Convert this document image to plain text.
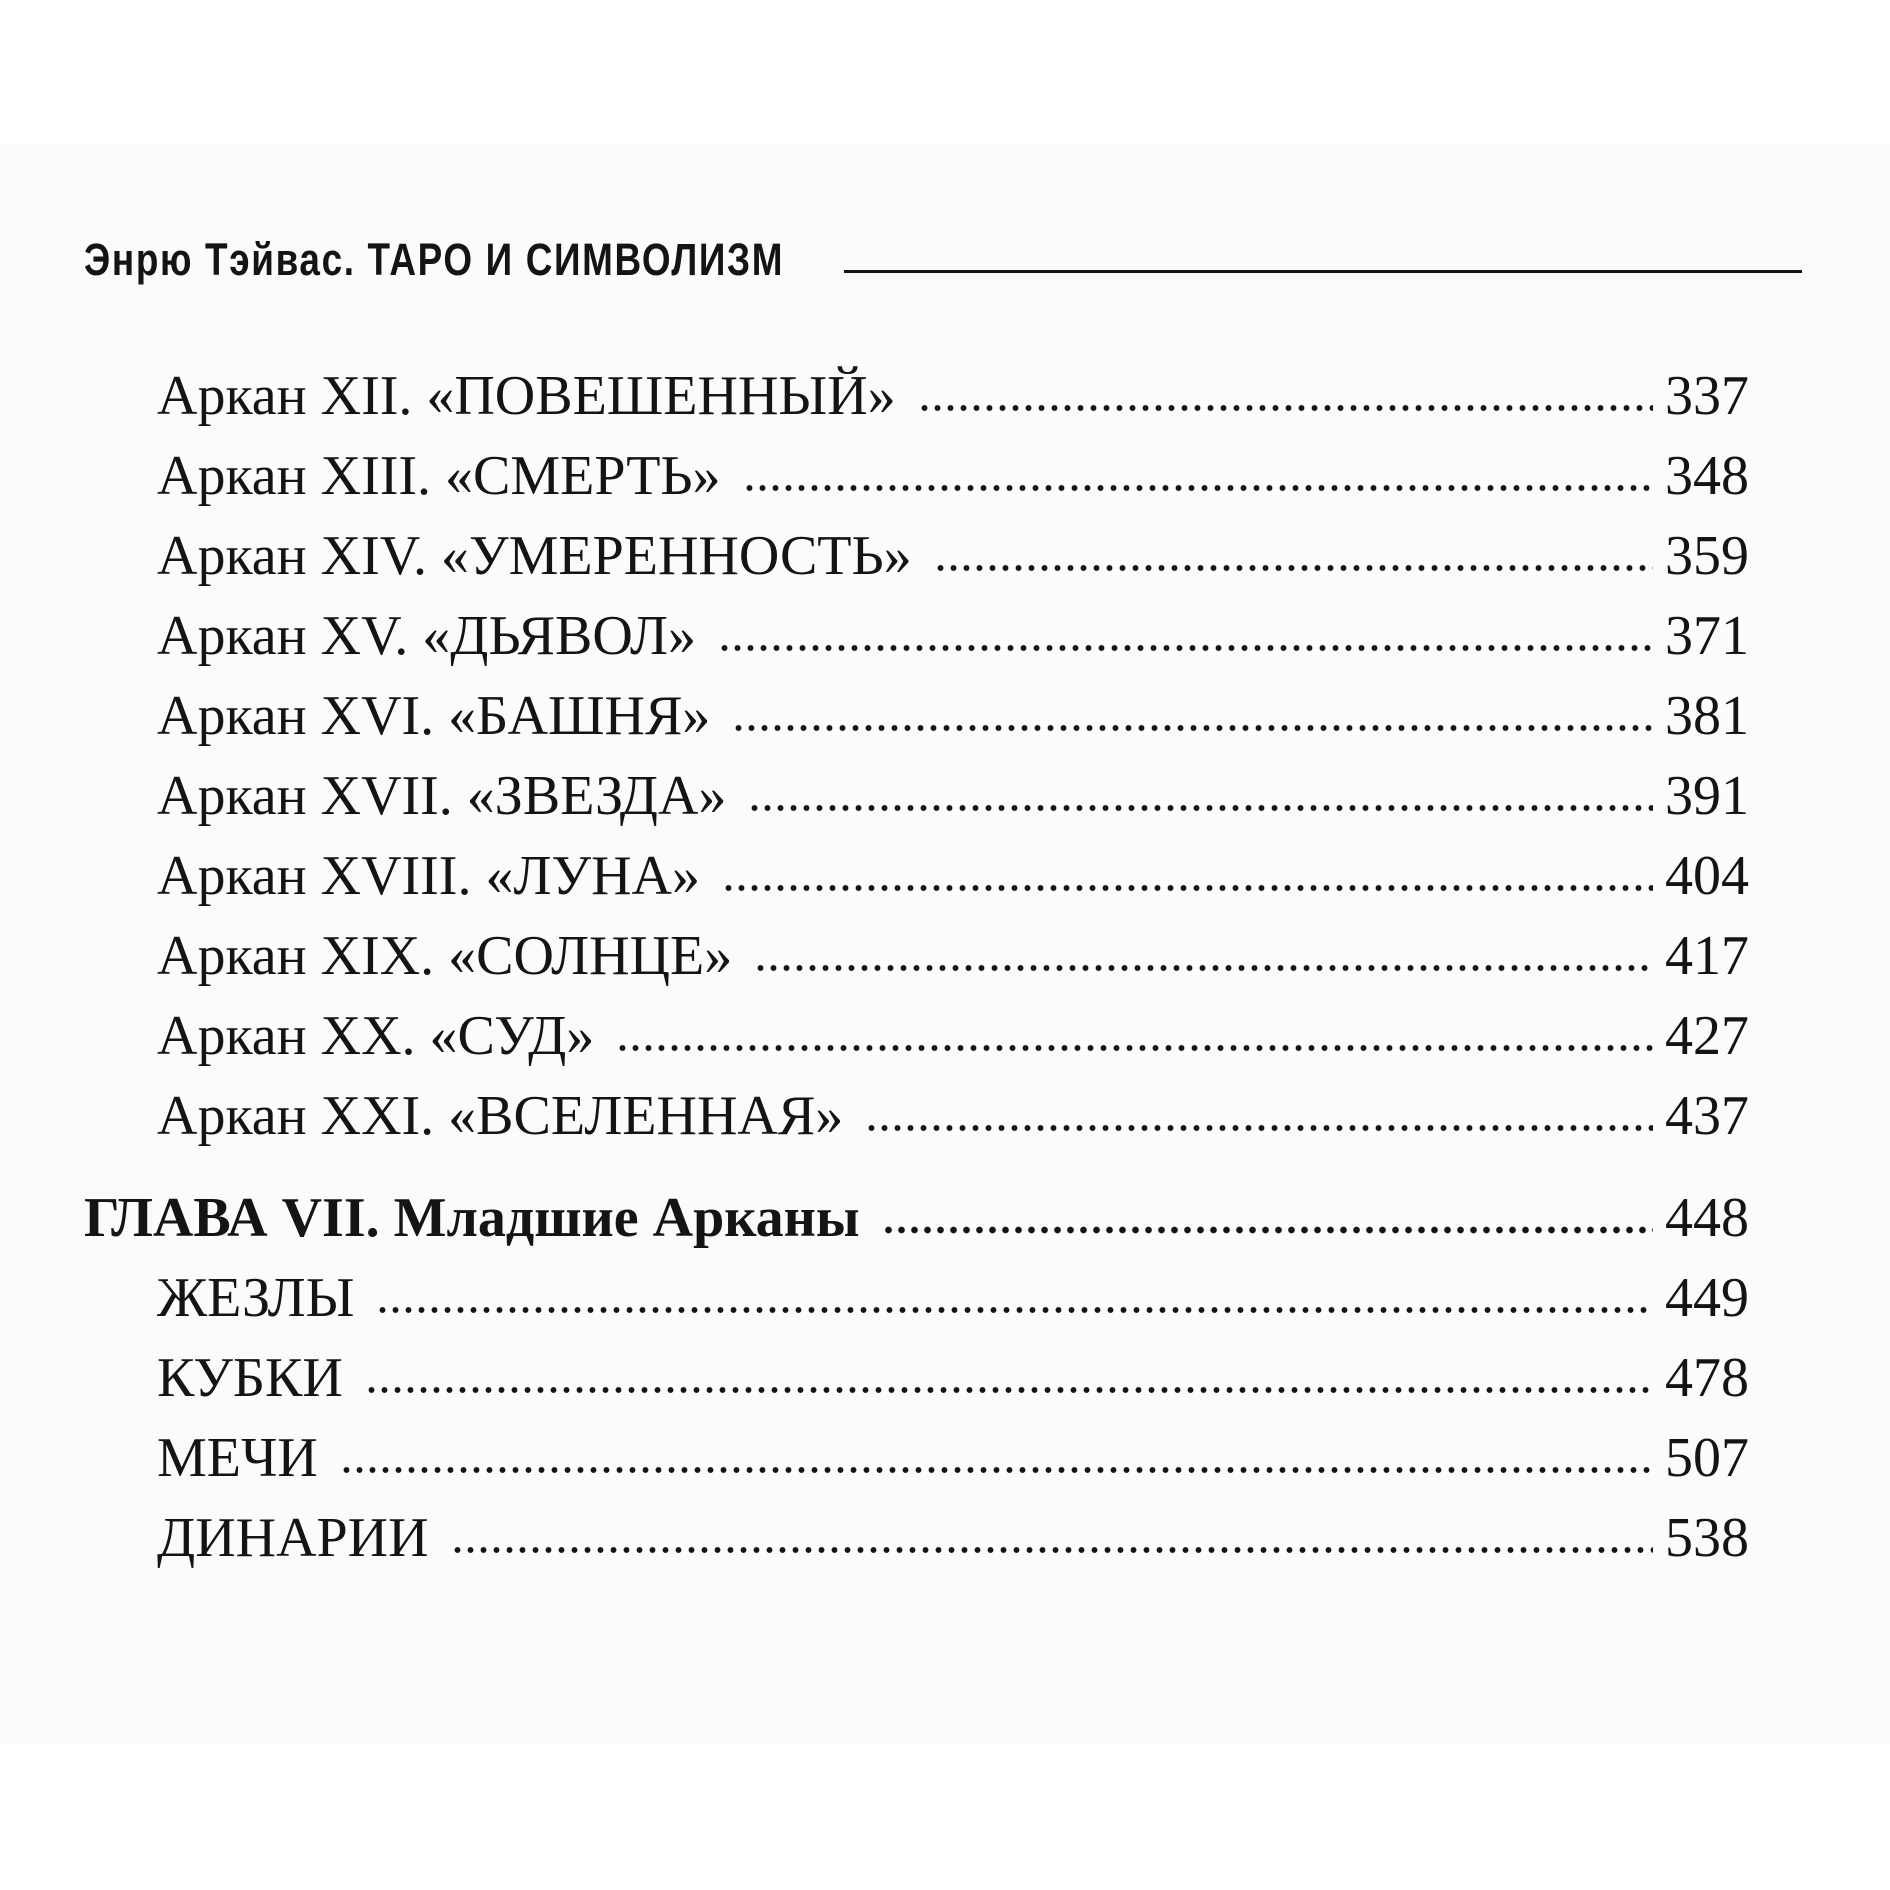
Энрю Тэйвас. ТАРО И СИМВОЛИЗМ
Аркан XII. «ПОВЕШЕННЫЙ»	337
Аркан XIII. «СМЕРТЬ»	348
Аркан XIV. «УМЕРЕННОСТЬ»	359
Аркан XV. «ДЬЯВОЛ»	371
Аркан XVI. «БАШНЯ»	381
Аркан XVII. «ЗВЕЗДА»	391
Аркан XVIII. «ЛУНА»	404
Аркан XIX. «СОЛНЦЕ»	417
Аркан XX. «СУД»	427
Аркан XXI. «ВСЕЛЕННАЯ»	437
ГЛАВА VII. Младшие Арканы	448
ЖЕЗЛЫ	449
КУБКИ	478
МЕЧИ	507
ДИНАРИИ	538
